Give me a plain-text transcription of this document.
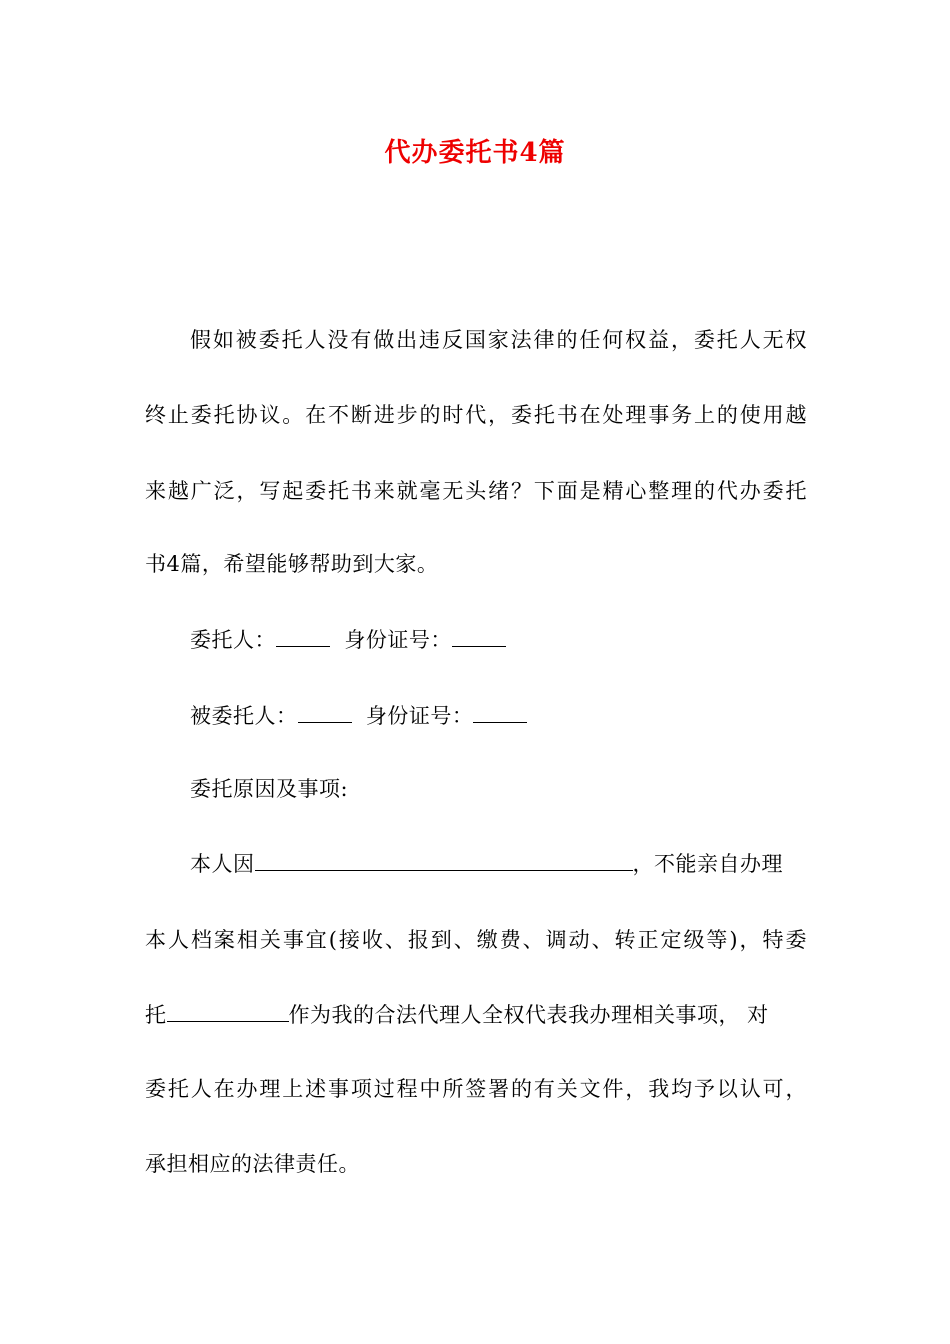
代办委托书4篇
假如被委托人没有做出违反国家法律的任何权益，委托人无权
终止委托协议。在不断进步的时代，委托书在处理事务上的使用越
来越广泛，写起委托书来就毫无头绪？下面是精心整理的代办委托
书4篇，希望能够帮助到大家。
委托人：	身份证号：
被委托人：	身份证号：
委托原因及事项:
本人因	，不能亲自办理
本人档案相关事宜(接收、报到、缴费、调动、转正定级等)，特委
托	作为我的合法代理人全权代表我办理相关事项， 对
委托人在办理上述事项过程中所签署的有关文件，我均予以认可，
承担相应的法律责任。
